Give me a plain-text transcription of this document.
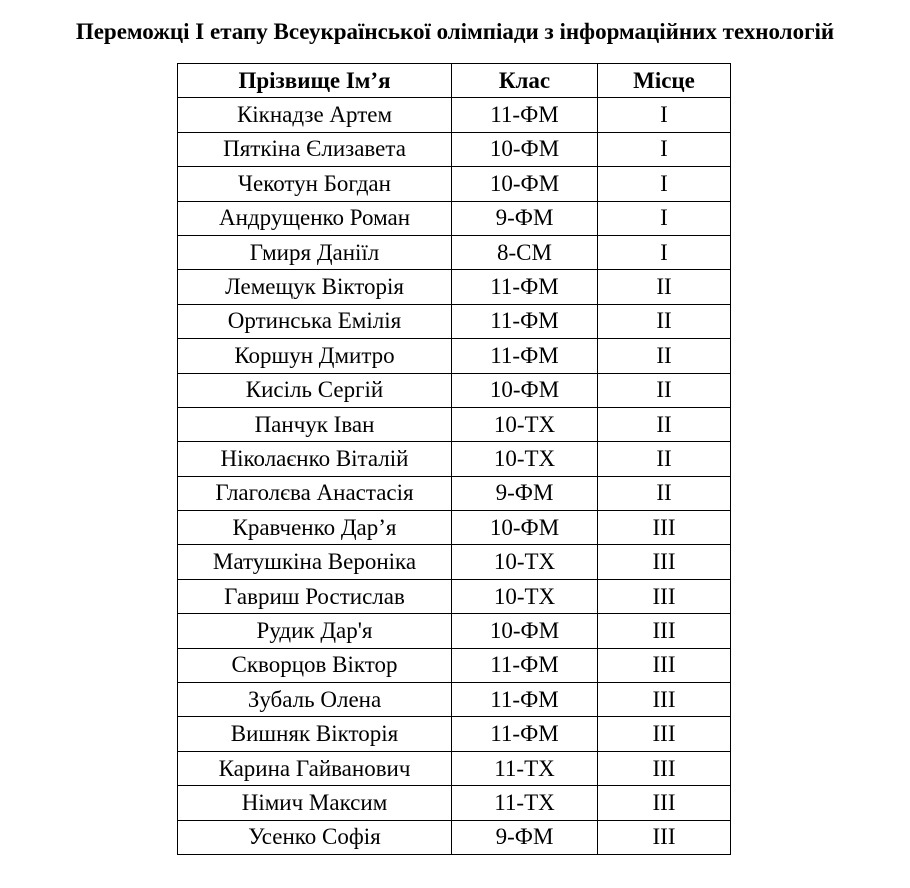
Переможці І етапу Всеукраїнської олімпіади з інформаційних технологій
Прізвище Ім’я	Клас	Місце
Кікнадзе Артем	11-ФМ	I
Пяткіна Єлизавета	10-ФМ	I
Чекотун Богдан	10-ФМ	I
Андрущенко Роман	9-ФМ	I
Гмиря Даніїл	8-СМ	I
Лемещук Вікторія	11-ФМ	II
Ортинська Емілія	11-ФМ	II
Коршун Дмитро	11-ФМ	II
Кисіль Сергій	10-ФМ	II
Панчук Іван	10-ТХ	II
Ніколаєнко Віталій	10-ТХ	II
Глаголєва Анастасія	9-ФМ	II
Кравченко Дар’я	10-ФМ	III
Матушкіна Вероніка	10-ТХ	III
Гавриш Ростислав	10-ТХ	III
Рудик Дар'я	10-ФМ	III
Скворцов Віктор	11-ФМ	III
Зубаль Олена	11-ФМ	III
Вишняк Вікторія	11-ФМ	III
Карина Гайванович	11-ТХ	III
Німич Максим	11-ТХ	III
Усенко Софія	9-ФМ	III
